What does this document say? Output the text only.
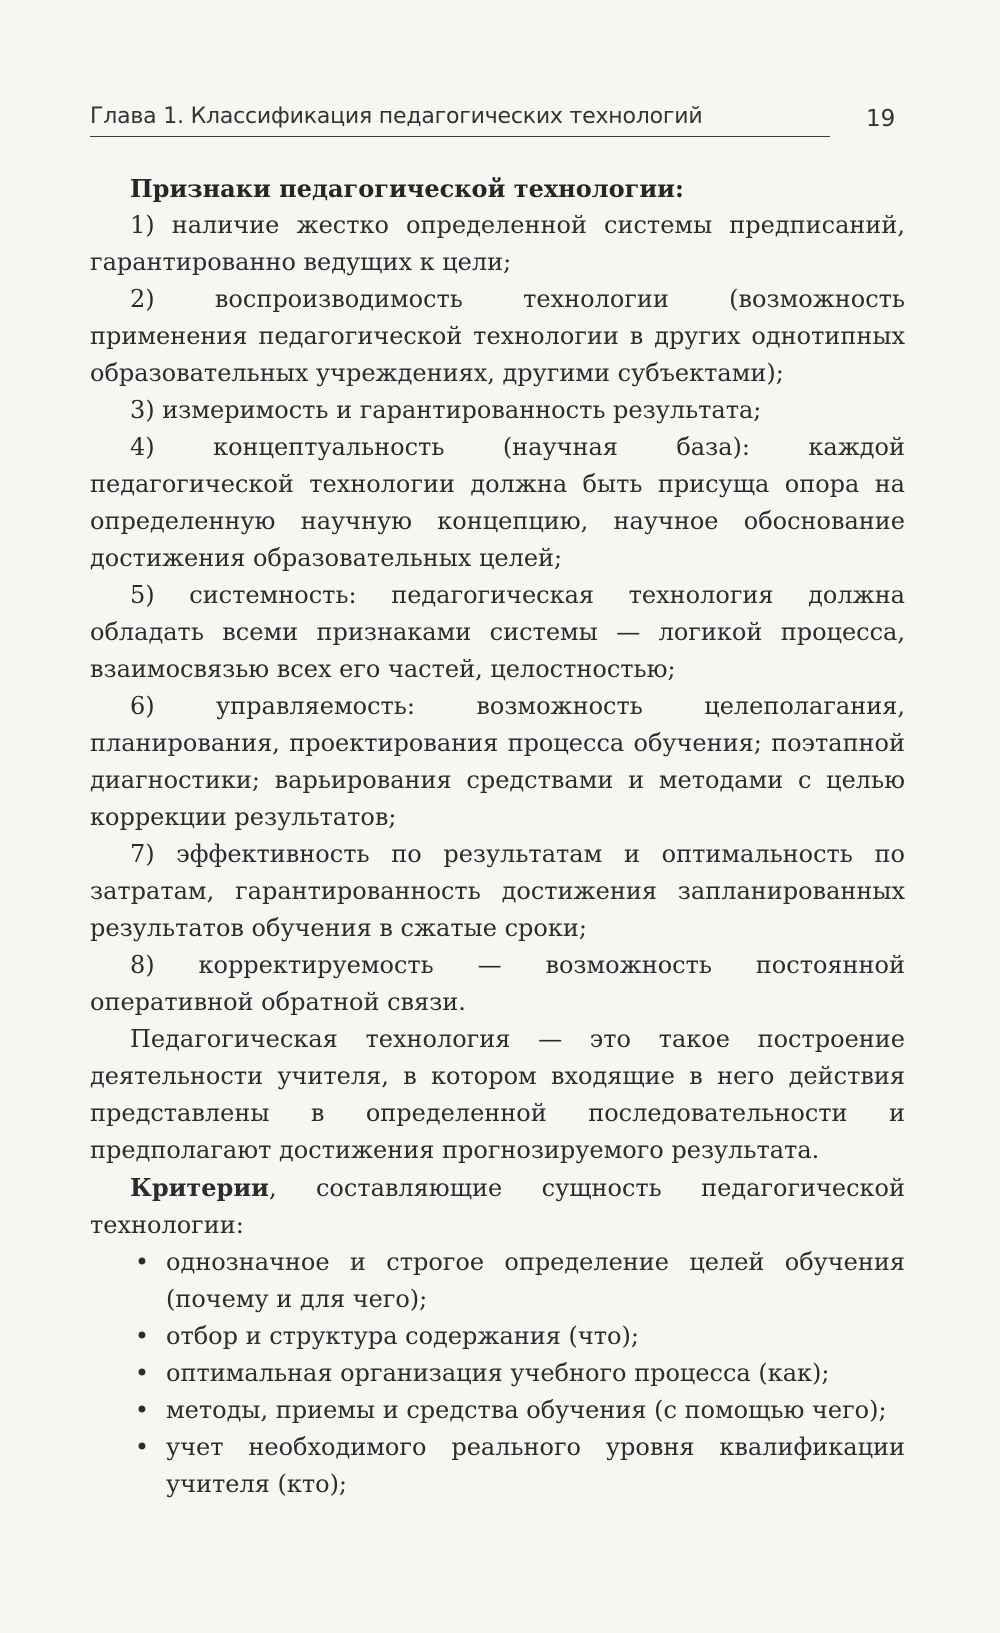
Глава 1. Классификация педагогических технологий	19
Признаки педагогической технологии:

1) наличие жестко определенной системы предписаний, гарантированно ведущих к цели;

2) воспроизводимость технологии (возможность применения педагогической технологии в других однотипных образовательных учреждениях, другими субъектами);

3) измеримость и гарантированность результата;

4) концептуальность (научная база): каждой педагогической технологии должна быть присуща опора на определенную научную концепцию, научное обоснование достижения образовательных целей;

5) системность: педагогическая технология должна обладать всеми признаками системы — логикой процесса, взаимосвязью всех его частей, целостностью;

6) управляемость: возможность целеполагания, планирования, проектирования процесса обучения; поэтапной диагностики; варьирования средствами и методами с целью коррекции результатов;

7) эффективность по результатам и оптимальность по затратам, гарантированность достижения запланированных результатов обучения в сжатые сроки;

8) корректируемость — возможность постоянной оперативной обратной связи.

Педагогическая технология — это такое построение деятельности учителя, в котором входящие в него действия представлены в определенной последовательности и предполагают достижения прогнозируемого результата.

Критерии, составляющие сущность педагогической технологии:

• однозначное и строгое определение целей обучения (почему и для чего);
• отбор и структура содержания (что);
• оптимальная организация учебного процесса (как);
• методы, приемы и средства обучения (с помощью чего);
• учет необходимого реального уровня квалификации учителя (кто);
